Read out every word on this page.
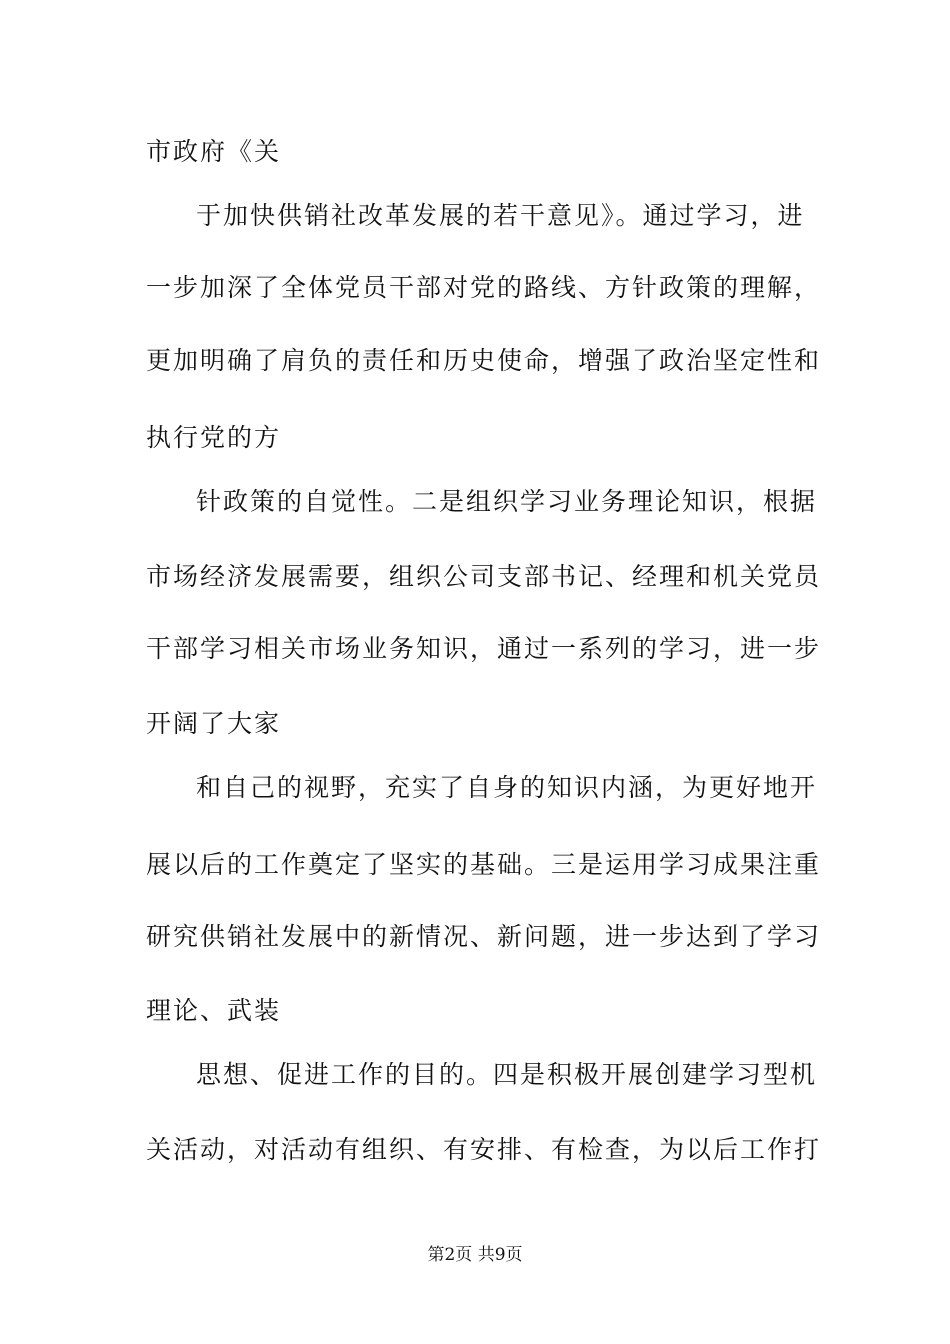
市政府《关
于加快供销社改革发展的若干意见》。通过学习，进
一步加深了全体党员干部对党的路线、方针政策的理解，
更加明确了肩负的责任和历史使命，增强了政治坚定性和
执行党的方
针政策的自觉性。二是组织学习业务理论知识，根据
市场经济发展需要，组织公司支部书记、经理和机关党员
干部学习相关市场业务知识，通过一系列的学习，进一步
开阔了大家
和自己的视野，充实了自身的知识内涵，为更好地开
展以后的工作奠定了坚实的基础。三是运用学习成果注重
研究供销社发展中的新情况、新问题，进一步达到了学习
理论、武装
思想、促进工作的目的。四是积极开展创建学习型机
关活动，对活动有组织、有安排、有检查，为以后工作打
第2页 共9页
